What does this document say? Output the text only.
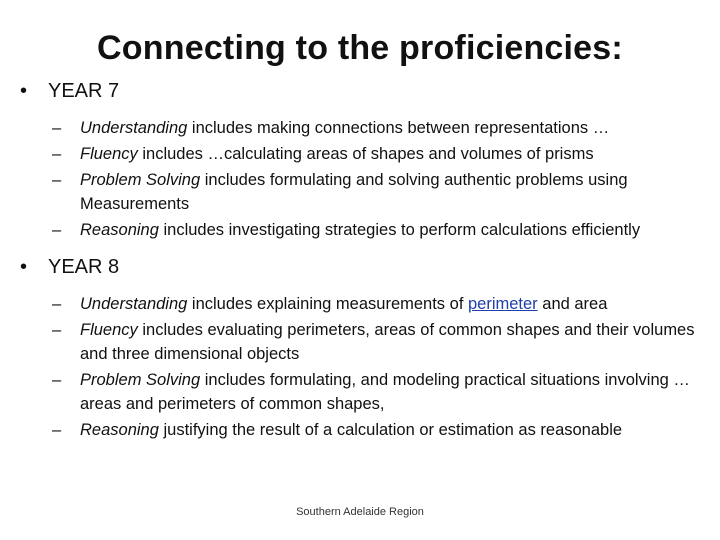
Connecting to the proficiencies:
• YEAR 7
– Understanding includes making connections between representations …
– Fluency includes …calculating areas of shapes and volumes of prisms
– Problem Solving includes formulating and solving authentic problems using Measurements
– Reasoning includes investigating strategies to perform calculations efficiently
• YEAR 8
– Understanding includes explaining measurements of perimeter and area
– Fluency includes evaluating perimeters, areas of common shapes and their volumes and three dimensional objects
– Problem Solving includes formulating, and modeling practical situations involving … areas and perimeters of common shapes,
– Reasoning justifying the result of a calculation or estimation as reasonable
Southern Adelaide Region
